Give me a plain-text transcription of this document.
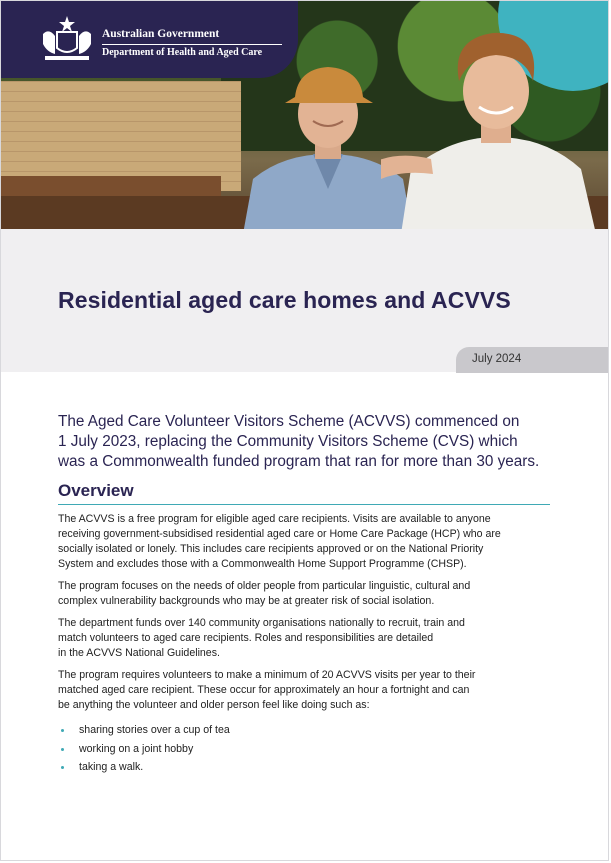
Australian Government
Department of Health and Aged Care
Residential aged care homes and ACVVS
July 2024

The Aged Care Volunteer Visitors Scheme (ACVVS) commenced on
1 July 2023, replacing the Community Visitors Scheme (CVS) which
was a Commonwealth funded program that ran for more than 30 years.

Overview

The ACVVS is a free program for eligible aged care recipients. Visits are available to anyone
receiving government-subsidised residential aged care or Home Care Package (HCP) who are
socially isolated or lonely. This includes care recipients approved or on the National Priority
System and excludes those with a Commonwealth Home Support Programme (CHSP).

The program focuses on the needs of older people from particular linguistic, cultural and
complex vulnerability backgrounds who may be at greater risk of social isolation.

The department funds over 140 community organisations nationally to recruit, train and
match volunteers to aged care recipients. Roles and responsibilities are detailed
in the ACVVS National Guidelines.

The program requires volunteers to make a minimum of 20 ACVVS visits per year to their
matched aged care recipient. These occur for approximately an hour a fortnight and can
be anything the volunteer and older person feel like doing such as:

sharing stories over a cup of tea
working on a joint hobby
taking a walk.
